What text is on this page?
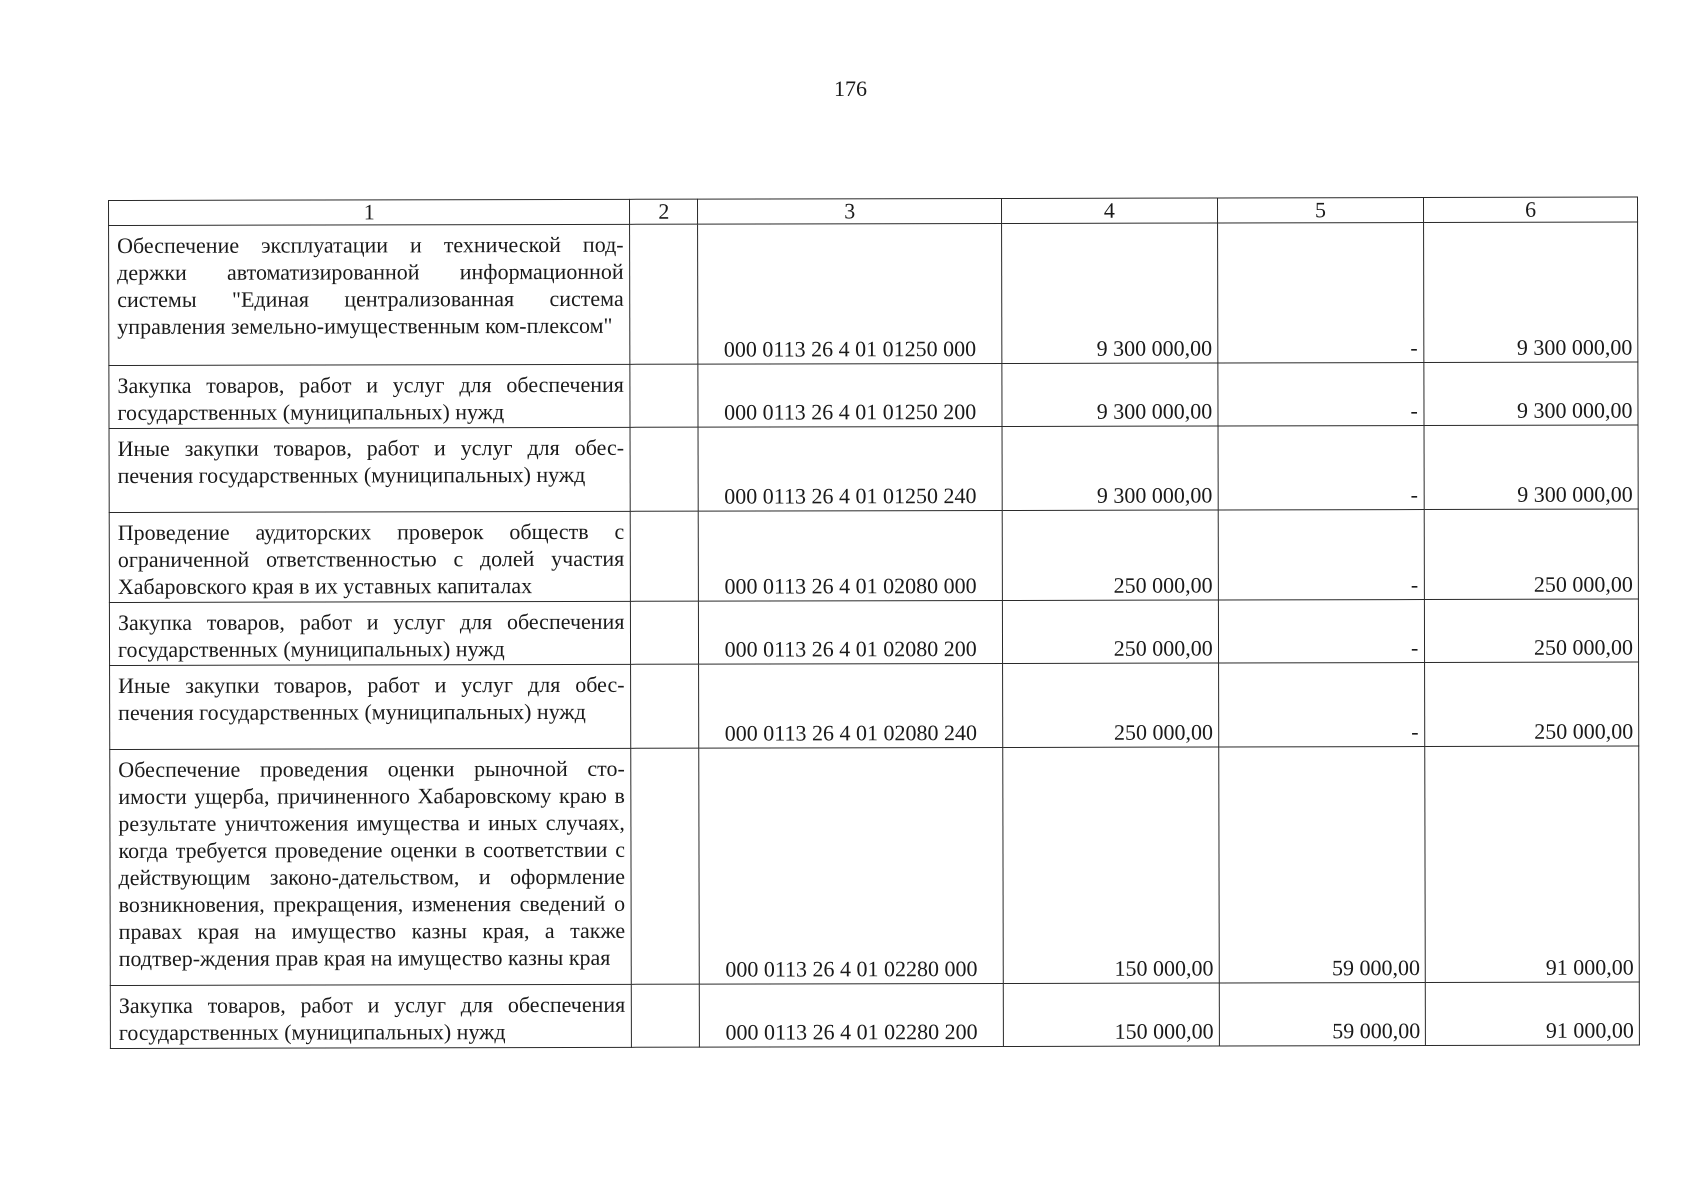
176
1	2	3	4	5	6
Обеспечение эксплуатации и технической под-держки автоматизированной информационной системы "Единая централизованная система управления земельно-имущественным ком-плексом"		000 0113 26 4 01 01250 000	9 300 000,00	-	9 300 000,00
Закупка товаров, работ и услуг для обеспечения государственных (муниципальных) нужд		000 0113 26 4 01 01250 200	9 300 000,00	-	9 300 000,00
Иные закупки товаров, работ и услуг для обес-печения государственных (муниципальных) нужд		000 0113 26 4 01 01250 240	9 300 000,00	-	9 300 000,00
Проведение аудиторских проверок обществ с ограниченной ответственностью с долей участия Хабаровского края в их уставных капиталах		000 0113 26 4 01 02080 000	250 000,00	-	250 000,00
Закупка товаров, работ и услуг для обеспечения государственных (муниципальных) нужд		000 0113 26 4 01 02080 200	250 000,00	-	250 000,00
Иные закупки товаров, работ и услуг для обес-печения государственных (муниципальных) нужд		000 0113 26 4 01 02080 240	250 000,00	-	250 000,00
Обеспечение проведения оценки рыночной сто-имости ущерба, причиненного Хабаровскому краю в результате уничтожения имущества и иных случаях, когда требуется проведение оценки в соответствии с действующим законо-дательством, и оформление возникновения, прекращения, изменения сведений о правах края на имущество казны края, а также подтвер-ждения прав края на имущество казны края		000 0113 26 4 01 02280 000	150 000,00	59 000,00	91 000,00
Закупка товаров, работ и услуг для обеспечения государственных (муниципальных) нужд		000 0113 26 4 01 02280 200	150 000,00	59 000,00	91 000,00
